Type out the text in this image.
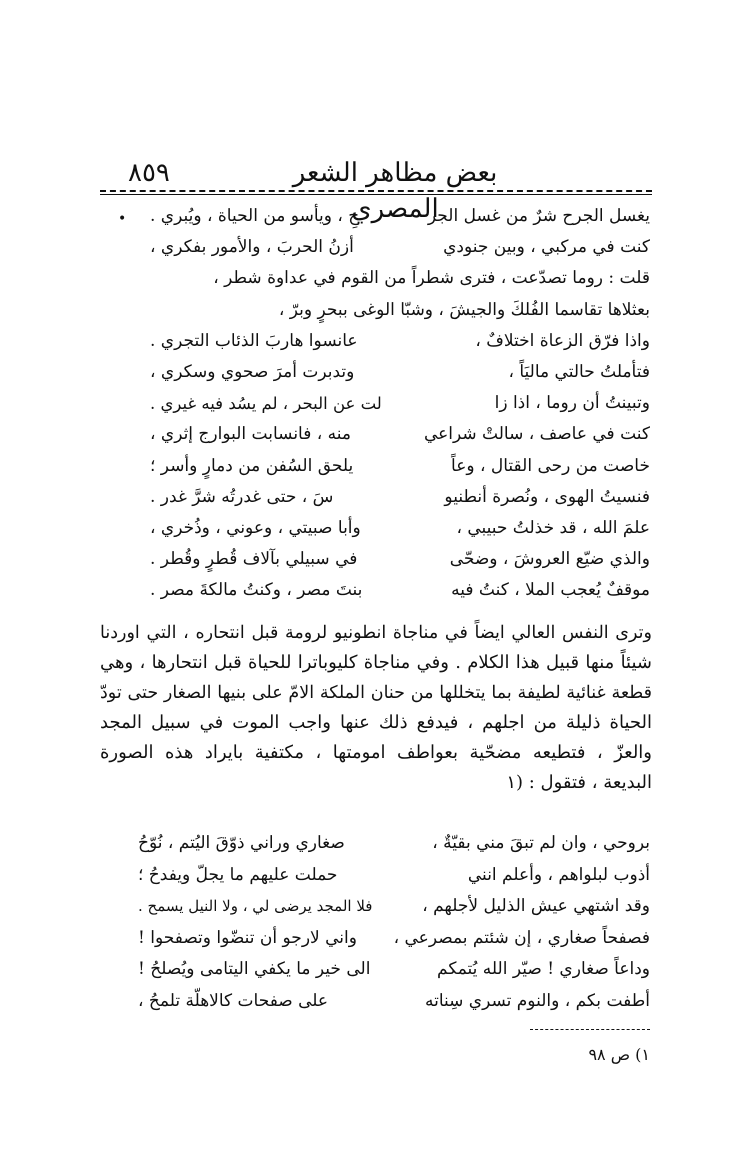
بعض مظاهر الشعر المصري
٨٥٩
•	يغسل الجرح شرٌ من غسل الجر
حِ ، ويأسو من الحياة ، ويُبري .
كنت في مركبي ، وبين جنودي
أزنُ الحربَ ، والأمور بفكري ،
قلت : روما تصدّعت ، فترى شطراً من القوم في عداوة شطر ،
بعثلاها تقاسما الفُلكَ والجيشَ ، وشبّا الوغى ببحرٍ وبرّ ،
واذا فرّق الزعاة اختلافٌ ،
عانسوا هاربَ الذئاب التجري .
فتأملتُ حالتي ماليَاً ،
وتدبرت أمرَ صحوي وسكري ،
وتبينتُ أن روما ، اذا زا
لت عن البحر ، لم يسُد فيه غيري .
كنت في عاصف ، سالتْ شراعي
منه ، فانسابت البوارج إثري ،
خاصت من رحى القتال ، وعاً
يلحق السُفن من دمارٍ وأسر ؛
فنسيتُ الهوى ، ونُصرة أنطنيو
سَ ، حتى غدرتُه شرَّ غدر .
علمَ الله ، قد خذلتُ حبيبي ،
وأبا صبيتي ، وعوني ، وذُخري ،
والذي ضيّع العروشَ ، وضحّى
في سبيلي بآلاف قُطرٍ وقُطر .
موقفٌ يُعجب الملا ، كنتُ فيه
بنتَ مصر ، وكنتُ مالكةَ مصر .
وترى النفس العالي ايضاً في مناجاة انطونيو لرومة قبل انتحاره ، التي اوردنا
شيئاً منها قبيل هذا الكلام . وفي مناجاة كليوباترا للحياة قبل انتحارها ، وهي
قطعة غنائية لطيفة بما يتخللها من حنان الملكة الامّ على بنيها الصغار حتى تودّ
الحياة ذليلة من اجلهم ، فيدفع ذلك عنها واجب الموت في سبيل المجد
والعزّ ، فتطيعه مضحّية بعواطف امومتها ، مكتفية بايراد هذه الصورة
البديعة ، فتقول : (١
بروحي ، وان لم تبقَ مني بقيّةٌ ،
صغاري وراني ذوّقَ اليُتم ، نُوّحُ
أذوب لبلواهم ، وأعلم انني
حملت عليهم ما يجلّ ويفدحُ ؛
وقد اشتهي عيش الذليل لأجلهم ،
فلا المجد يرضى لي ، ولا النيل يسمح .
فصفحاً صغاري ، إن شئتم بمصرعي ،
واني لارجو أن تنضّوا وتصفحوا !
وداعاً صغاري ! صيّر الله يُتمكم
الى خير ما يكفي اليتامى ويُصلحُ !
أطفت بكم ، والنوم تسري سِناته
على صفحات كالاهلّة تلمحُ ،
١) ص ٩٨
